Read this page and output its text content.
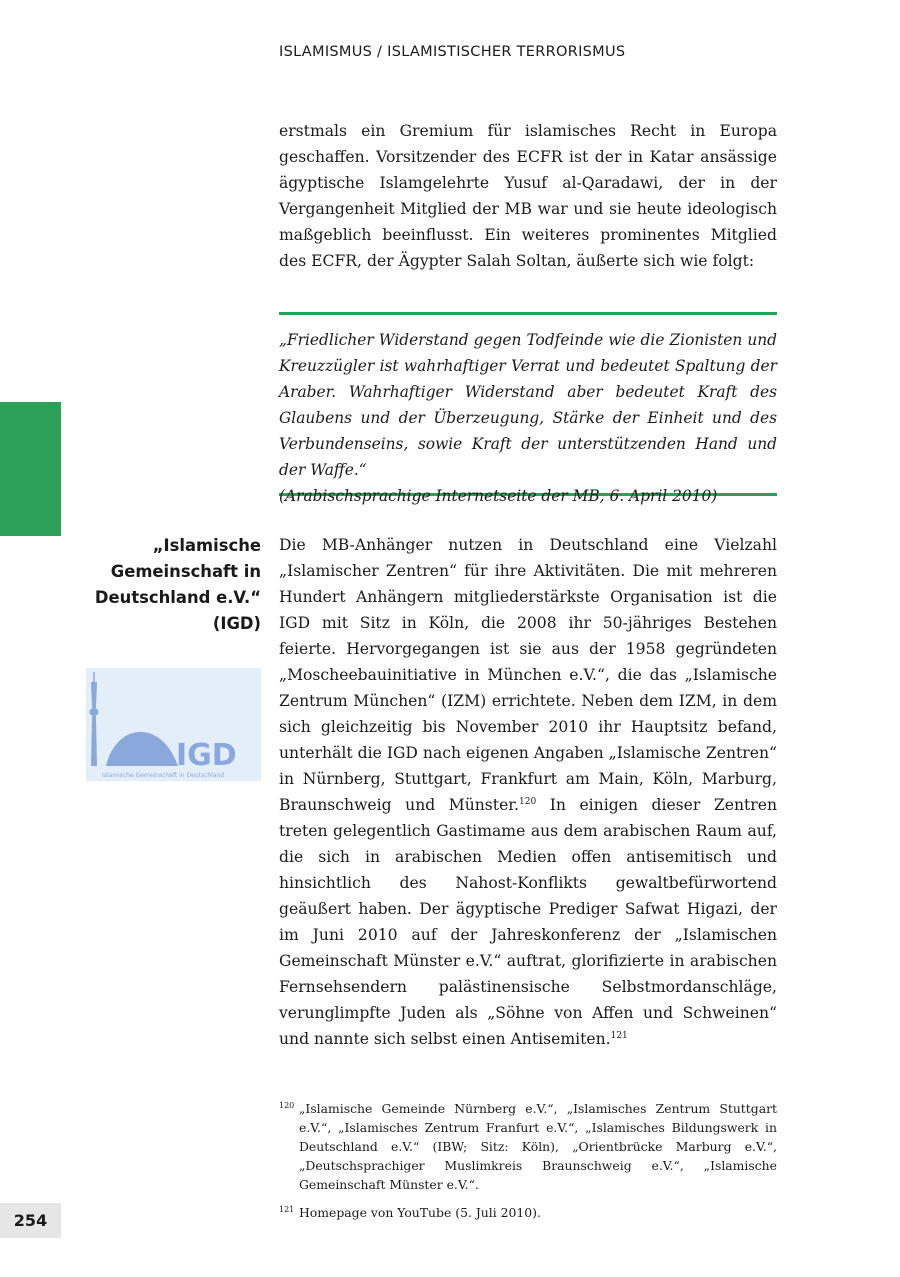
ISLAMISMUS / ISLAMISTISCHER TERRORISMUS

erstmals ein Gremium für islamisches Recht in Europa geschaffen. Vorsitzender des ECFR ist der in Katar ansässige ägyptische Islamgelehrte Yusuf al-Qaradawi, der in der Vergangenheit Mitglied der MB war und sie heute ideologisch maßgeblich beeinflusst. Ein weiteres prominentes Mitglied des ECFR, der Ägypter Salah Soltan, äußerte sich wie folgt:

„Friedlicher Widerstand gegen Todfeinde wie die Zionisten und Kreuzzügler ist wahrhaftiger Verrat und bedeutet Spaltung der Araber. Wahrhaftiger Widerstand aber bedeutet Kraft des Glaubens und der Überzeugung, Stärke der Einheit und des Verbundenseins, sowie Kraft der unterstützenden Hand und der Waffe.“

(Arabischsprachige Internetseite der MB, 6. April 2010)

„Islamische
Gemeinschaft in
Deutschland e.V.“
(IGD)
IGD
Islamische Gemeinschaft in Deutschland

Die MB-Anhänger nutzen in Deutschland eine Vielzahl „Islamischer Zentren“ für ihre Aktivitäten. Die mit mehreren Hundert Anhängern mitgliederstärkste Organisation ist die IGD mit Sitz in Köln, die 2008 ihr 50-jähriges Bestehen feierte. Hervorgegangen ist sie aus der 1958 gegründeten „Moscheebauinitiative in München e.V.“, die das „Islamische Zentrum München“ (IZM) errichtete. Neben dem IZM, in dem sich gleichzeitig bis November 2010 ihr Hauptsitz befand, unterhält die IGD nach eigenen Angaben „Islamische Zentren“ in Nürnberg, Stuttgart, Frankfurt am Main, Köln, Marburg, Braunschweig und Münster.$^{120}$ In einigen dieser Zentren treten gelegentlich Gastimame aus dem arabischen Raum auf, die sich in arabischen Medien offen antisemitisch und hinsichtlich des Nahost-Konflikts gewaltbefürwortend geäußert haben. Der ägyptische Prediger Safwat Higazi, der im Juni 2010 auf der Jahreskonferenz der „Islamischen Gemeinschaft Münster e.V.“ auftrat, glorifizierte in arabischen Fernsehsendern palästinensische Selbstmordanschläge, verunglimpfte Juden als „Söhne von Affen und Schweinen“ und nannte sich selbst einen Antisemiten.$^{121}$

120 „Islamische Gemeinde Nürnberg e.V.“, „Islamisches Zentrum Stuttgart e.V.“, „Islamisches Zentrum Franfurt e.V.“, „Islamisches Bildungswerk in Deutschland e.V.“ (IBW; Sitz: Köln), „Orientbrücke Marburg e.V.“, „Deutschsprachiger Muslimkreis Braunschweig e.V.“, „Islamische Gemeinschaft Münster e.V.“.

121 Homepage von YouTube (5. Juli 2010).

254
